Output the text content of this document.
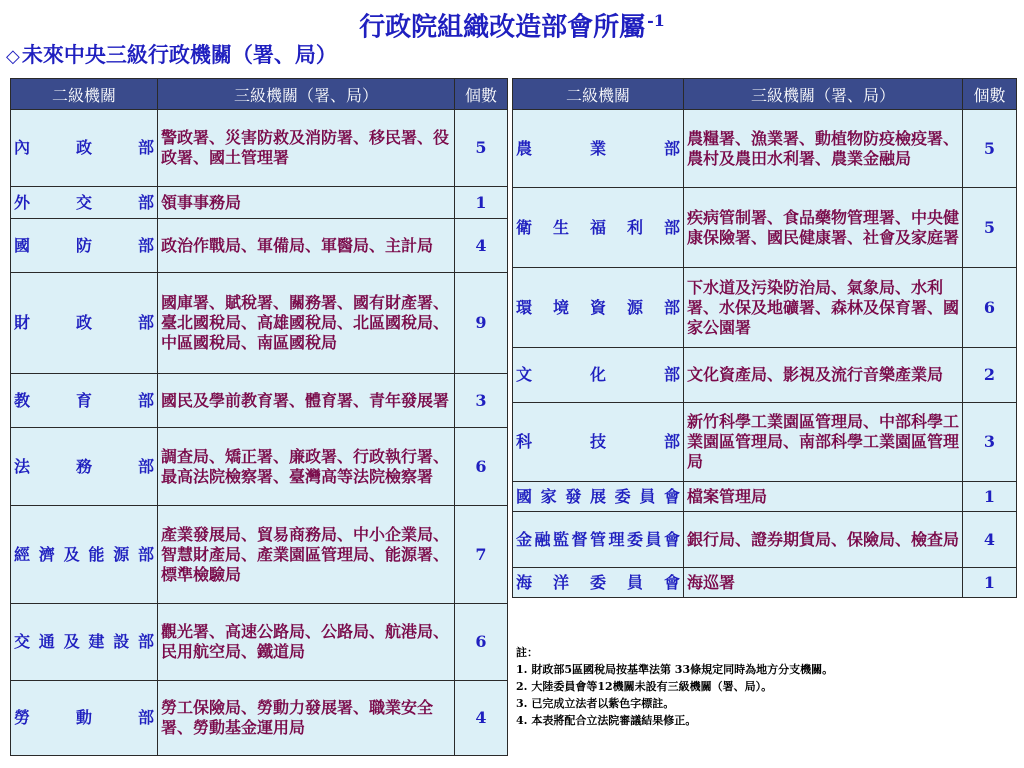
行政院組織改造部會所屬 $^{-1}$
◇未來中央三級行政機關（署、局）
二級機關	三級機關（署、局）	個數
內政部	警政署、災害防救及消防署、移民署、役政署、國土管理署	5
外交部	領事事務局	1
國防部	政治作戰局、軍備局、軍醫局、主計局	4
財政部	國庫署、賦稅署、關務署、國有財產署、臺北國稅局、高雄國稅局、北區國稅局、中區國稅局、南區國稅局	9
教育部	國民及學前教育署、體育署、青年發展署	3
法務部	調查局、矯正署、廉政署、行政執行署、最高法院檢察署、臺灣高等法院檢察署	6
經濟及能源部	產業發展局、貿易商務局、中小企業局、智慧財產局、產業園區管理局、能源署、標準檢驗局	7
交通及建設部	觀光署、高速公路局、公路局、航港局、民用航空局、鐵道局	6
勞動部	勞工保險局、勞動力發展署、職業安全署、勞動基金運用局	4
二級機關	三級機關（署、局）	個數
農業部	農糧署、漁業署、動植物防疫檢疫署、農村及農田水利署、農業金融局	5
衛生福利部	疾病管制署、食品藥物管理署、中央健康保險署、國民健康署、社會及家庭署	5
環境資源部	下水道及污染防治局、氣象局、水利署、水保及地礦署、森林及保育署、國家公園署	6
文化部	文化資產局、影視及流行音樂產業局	2
科技部	新竹科學工業園區管理局、中部科學工業園區管理局、南部科學工業園區管理局	3
國家發展委員會	檔案管理局	1
金融監督管理委員會	銀行局、證券期貨局、保險局、檢查局	4
海洋委員會	海巡署	1
註：
1. 財政部5區國稅局按基準法第 33條規定同時為地方分支機關。
2. 大陸委員會等12機關未設有三級機關（署、局）。
3. 已完成立法者以紫色字標註。
4. 本表將配合立法院審議結果修正。
